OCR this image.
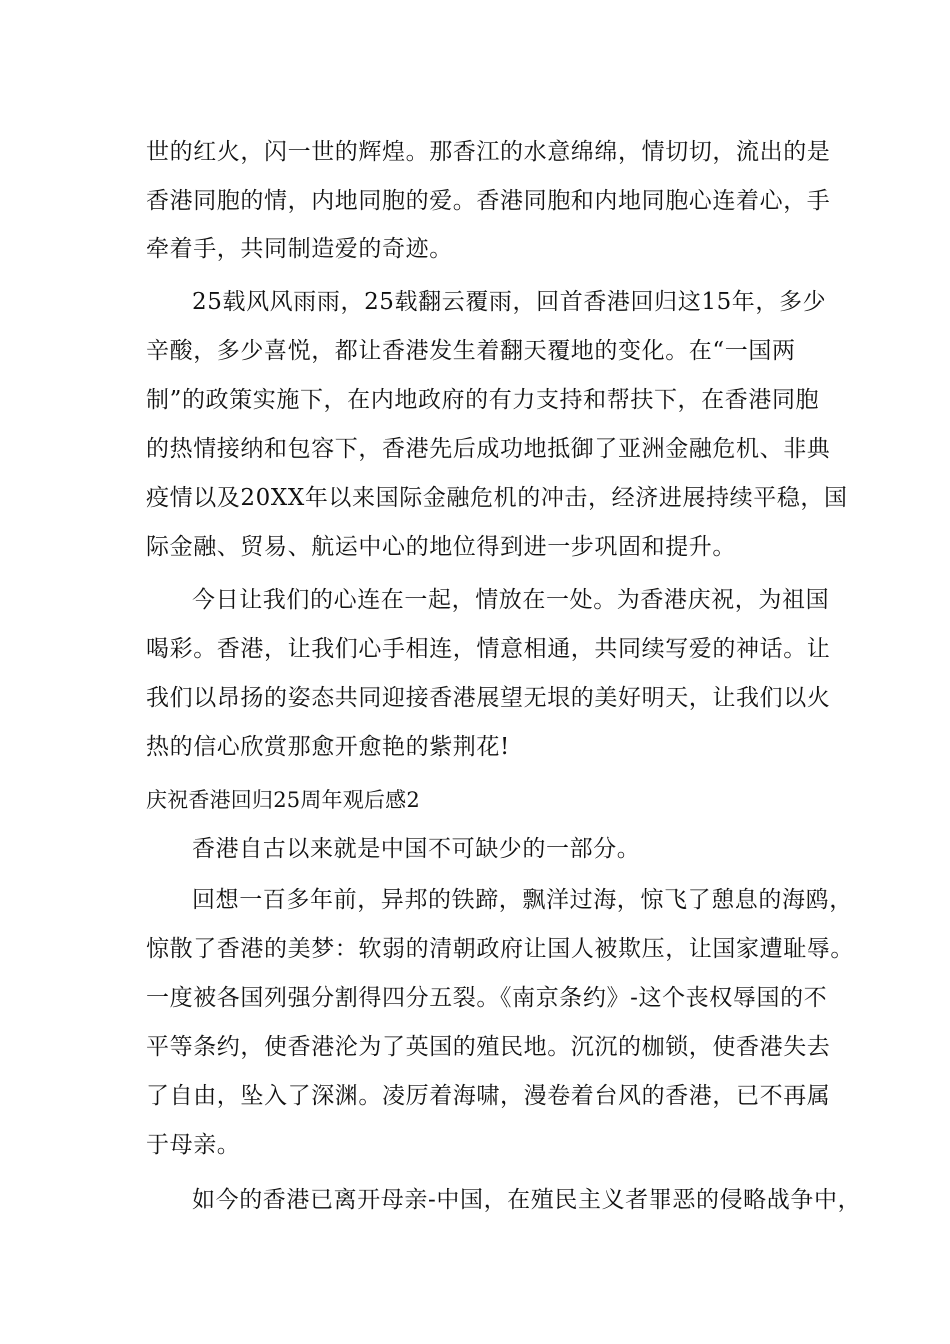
世的红火，闪一世的辉煌。那香江的水意绵绵，情切切，流出的是
香港同胞的情，内地同胞的爱。香港同胞和内地同胞心连着心，手
牵着手，共同制造爱的奇迹。
25载风风雨雨，25载翻云覆雨，回首香港回归这15年，多少
辛酸，多少喜悦，都让香港发生着翻天覆地的变化。在“一国两
制”的政策实施下，在内地政府的有力支持和帮扶下，在香港同胞
的热情接纳和包容下，香港先后成功地抵御了亚洲金融危机、非典
疫情以及20XX年以来国际金融危机的冲击，经济进展持续平稳，国
际金融、贸易、航运中心的地位得到进一步巩固和提升。
今日让我们的心连在一起，情放在一处。为香港庆祝，为祖国
喝彩。香港，让我们心手相连，情意相通，共同续写爱的神话。让
我们以昂扬的姿态共同迎接香港展望无垠的美好明天，让我们以火
热的信心欣赏那愈开愈艳的紫荆花!
庆祝香港回归25周年观后感2
香港自古以来就是中国不可缺少的一部分。
回想一百多年前，异邦的铁蹄，飘洋过海，惊飞了憩息的海鸥，
惊散了香港的美梦：软弱的清朝政府让国人被欺压，让国家遭耻辱。
一度被各国列强分割得四分五裂。《南京条约》-这个丧权辱国的不
平等条约，使香港沦为了英国的殖民地。沉沉的枷锁，使香港失去
了自由，坠入了深渊。凌厉着海啸，漫卷着台风的香港，已不再属
于母亲。
如今的香港已离开母亲-中国，在殖民主义者罪恶的侵略战争中，
